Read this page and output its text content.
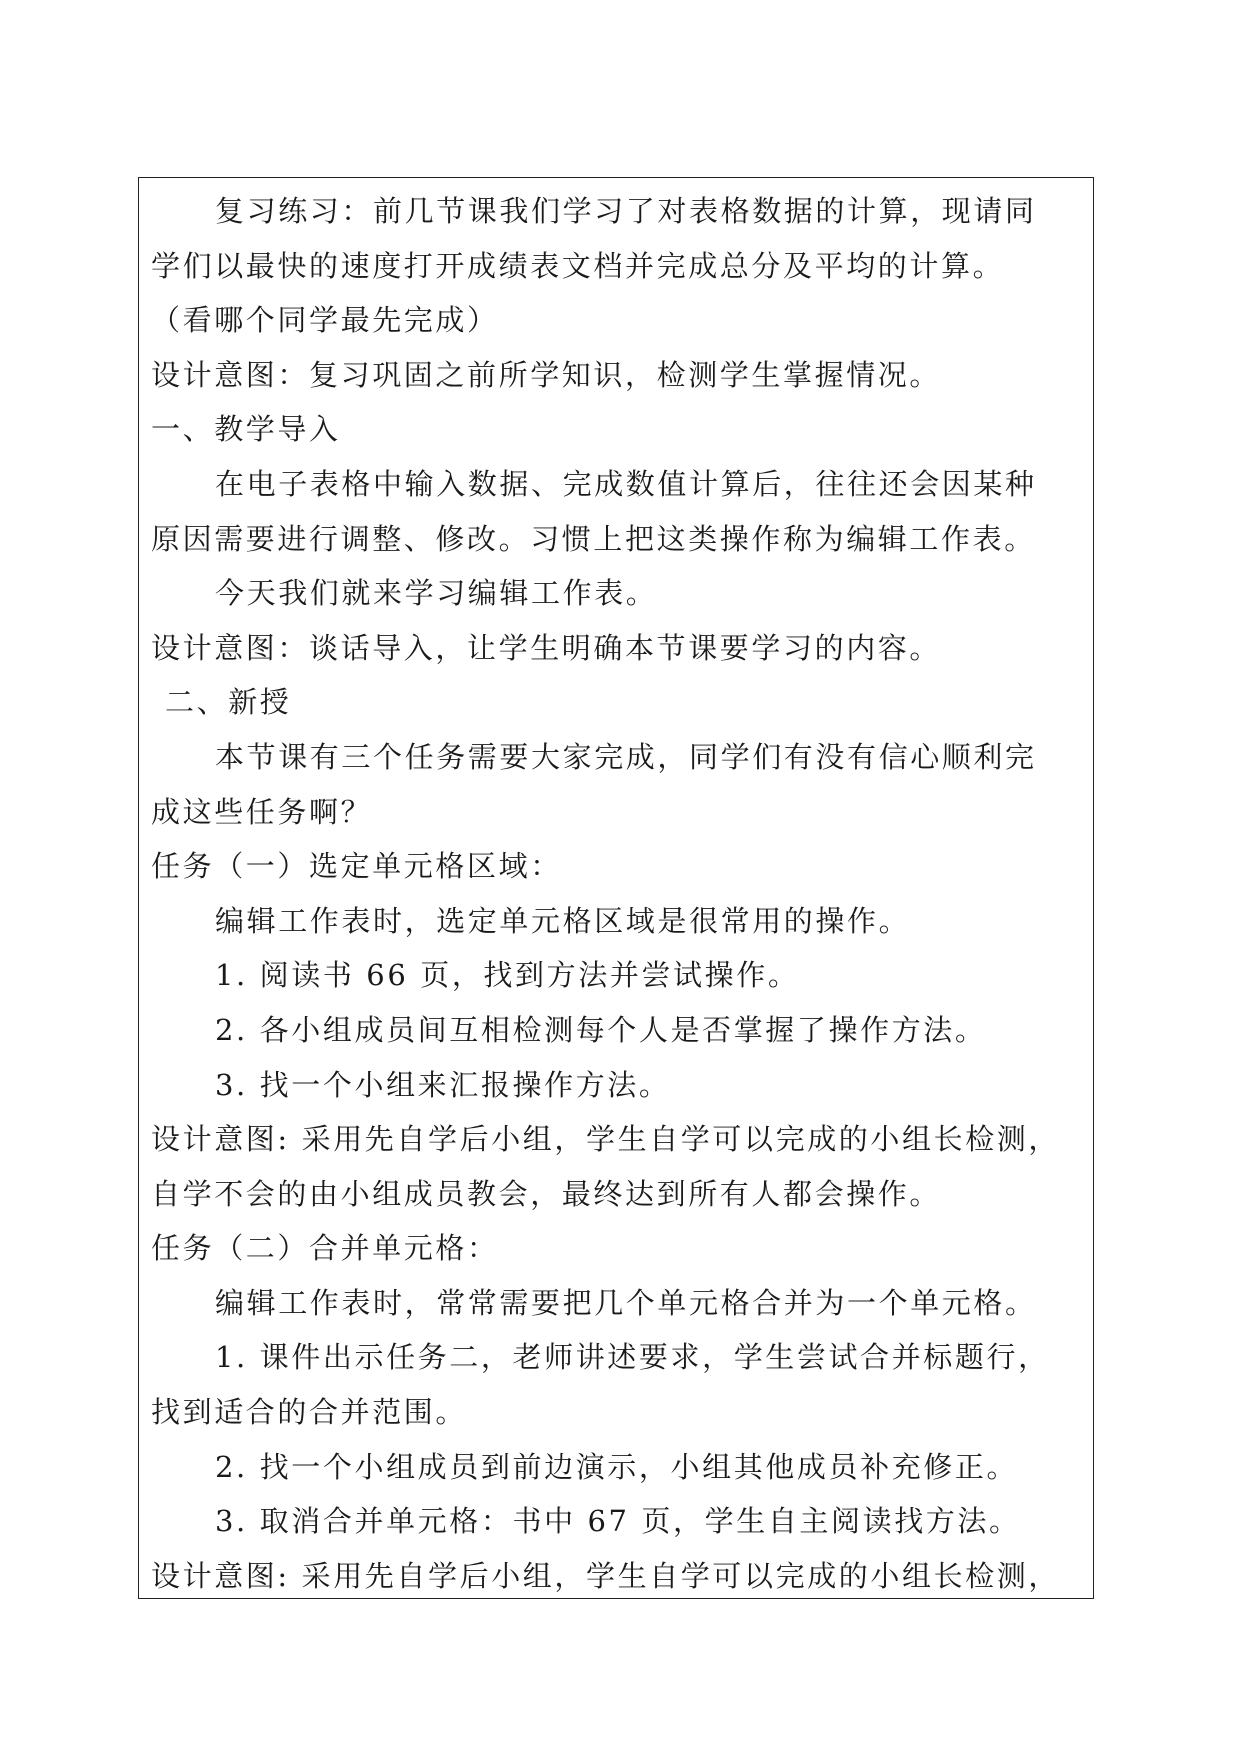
复习练习：前几节课我们学习了对表格数据的计算，现请同
学们以最快的速度打开成绩表文档并完成总分及平均的计算。
（看哪个同学最先完成）
设计意图：复习巩固之前所学知识，检测学生掌握情况。
一、教学导入
在电子表格中输入数据、完成数值计算后，往往还会因某种
原因需要进行调整、修改。习惯上把这类操作称为编辑工作表。
今天我们就来学习编辑工作表。
设计意图：谈话导入，让学生明确本节课要学习的内容。
二、新授
本节课有三个任务需要大家完成，同学们有没有信心顺利完
成这些任务啊？
任务（一）选定单元格区域：
编辑工作表时，选定单元格区域是很常用的操作。
1. 阅读书 66 页，找到方法并尝试操作。
2. 各小组成员间互相检测每个人是否掌握了操作方法。
3. 找一个小组来汇报操作方法。
设计意图: 采用先自学后小组，学生自学可以完成的小组长检测，
自学不会的由小组成员教会，最终达到所有人都会操作。
任务（二）合并单元格：
编辑工作表时，常常需要把几个单元格合并为一个单元格。
1. 课件出示任务二，老师讲述要求，学生尝试合并标题行，
找到适合的合并范围。
2. 找一个小组成员到前边演示，小组其他成员补充修正。
3. 取消合并单元格：书中 67 页，学生自主阅读找方法。
设计意图: 采用先自学后小组，学生自学可以完成的小组长检测，
